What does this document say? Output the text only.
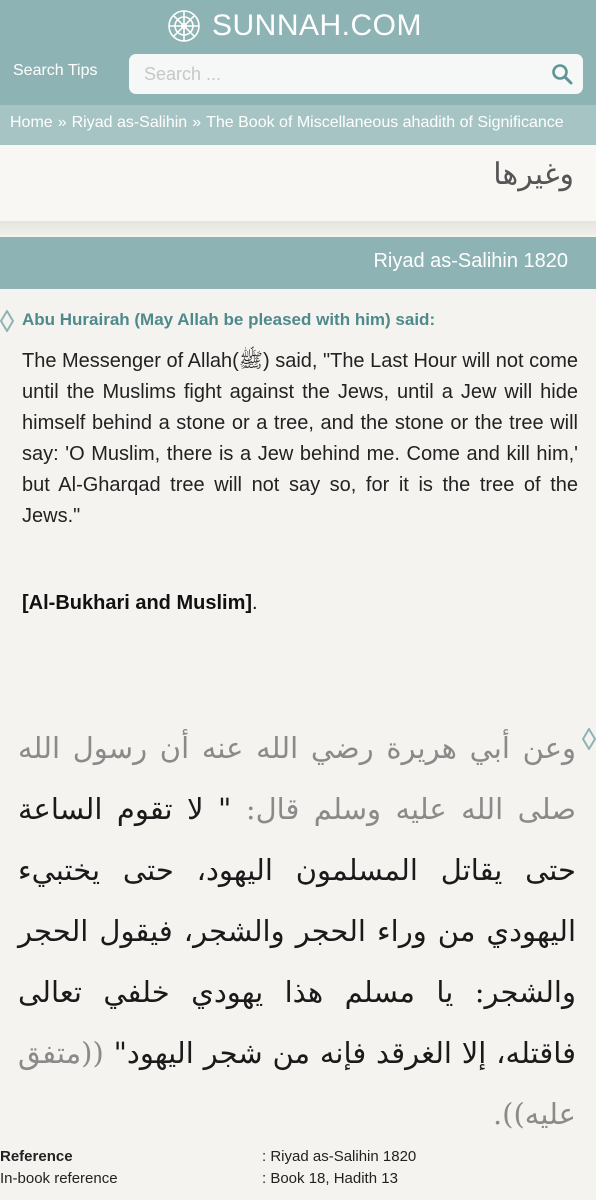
SUNNAH.COM
Search Tips
Search ...
Home » Riyad as-Salihin » The Book of Miscellaneous ahadith of Significance
وغيرها
Riyad as-Salihin 1820
Abu Hurairah (May Allah be pleased with him) said:
The Messenger of Allah(ﷺ) said, "The Last Hour will not come until the Muslims fight against the Jews, until a Jew will hide himself behind a stone or a tree, and the stone or the tree will say: 'O Muslim, there is a Jew behind me. Come and kill him,' but Al-Gharqad tree will not say so, for it is the tree of the Jews."
[Al-Bukhari and Muslim].
وعن أبي هريرة رضي الله عنه أن رسول الله صلى الله عليه وسلم قال: " لا تقوم الساعة حتى يقاتل المسلمون اليهود، حتى يختبيء اليهودي من وراء الحجر والشجر، فيقول الحجر والشجر: يا مسلم هذا يهودي خلفي تعالى فاقتله، إلا الغرقد فإنه من شجر اليهود" ((متفق عليه)).
Reference	: Riyad as-Salihin 1820
In-book reference	: Book 18, Hadith 13
